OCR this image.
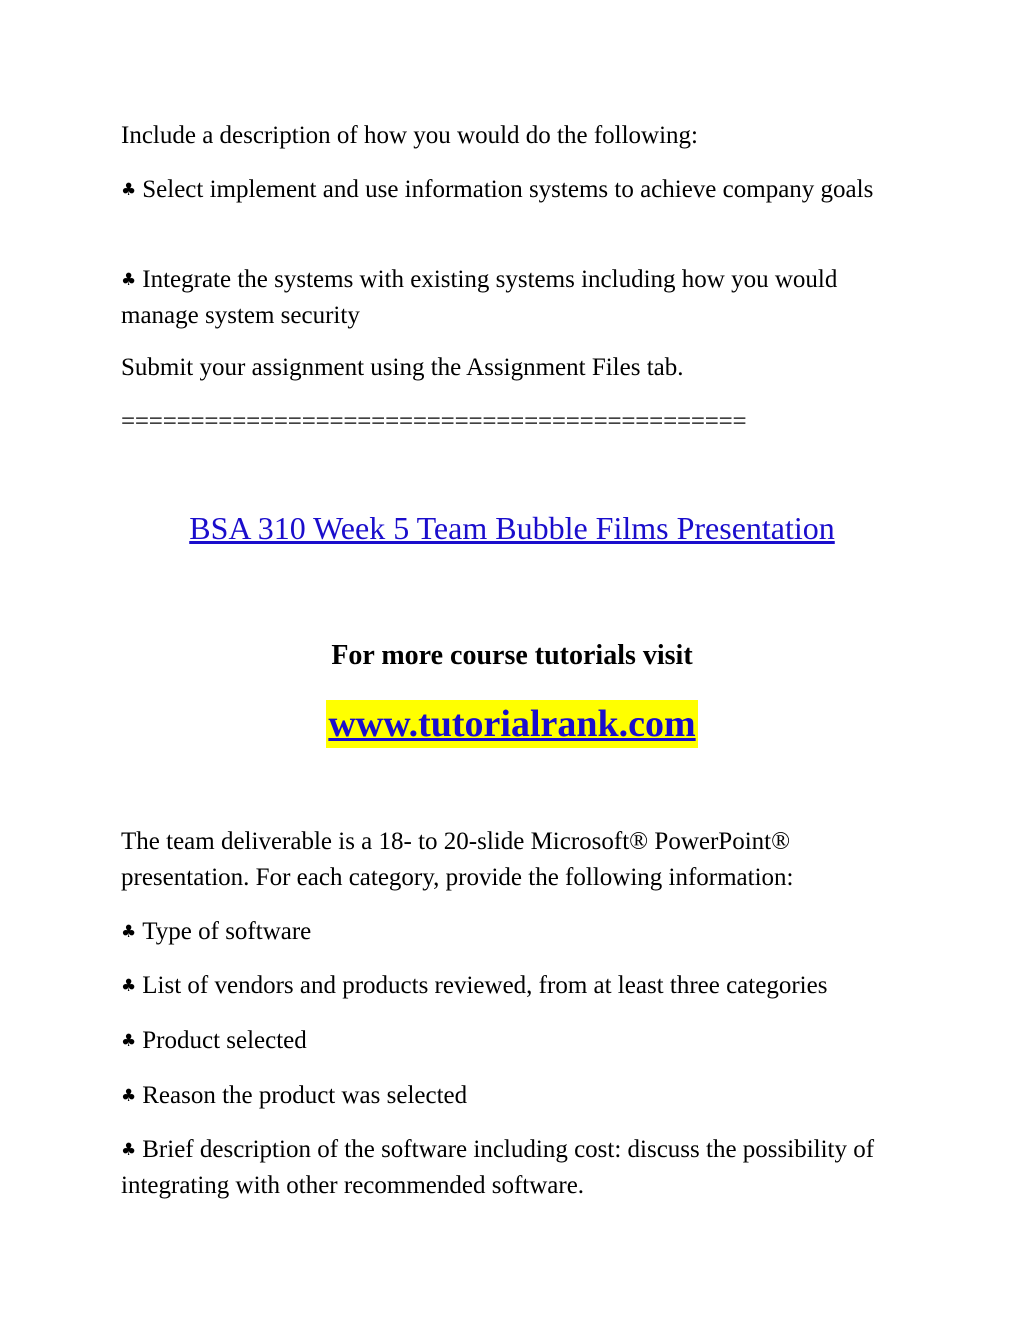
Include a description of how you would do the following:

♣ Select implement and use information systems to achieve company goals

♣ Integrate the systems with existing systems including how you would manage system security

Submit your assignment using the Assignment Files tab.

=============================================

BSA 310 Week 5 Team Bubble Films Presentation

For more course tutorials visit

www.tutorialrank.com

The team deliverable is a 18- to 20-slide Microsoft® PowerPoint® presentation. For each category, provide the following information:

♣ Type of software

♣ List of vendors and products reviewed, from at least three categories

♣ Product selected

♣ Reason the product was selected

♣ Brief description of the software including cost: discuss the possibility of integrating with other recommended software.
